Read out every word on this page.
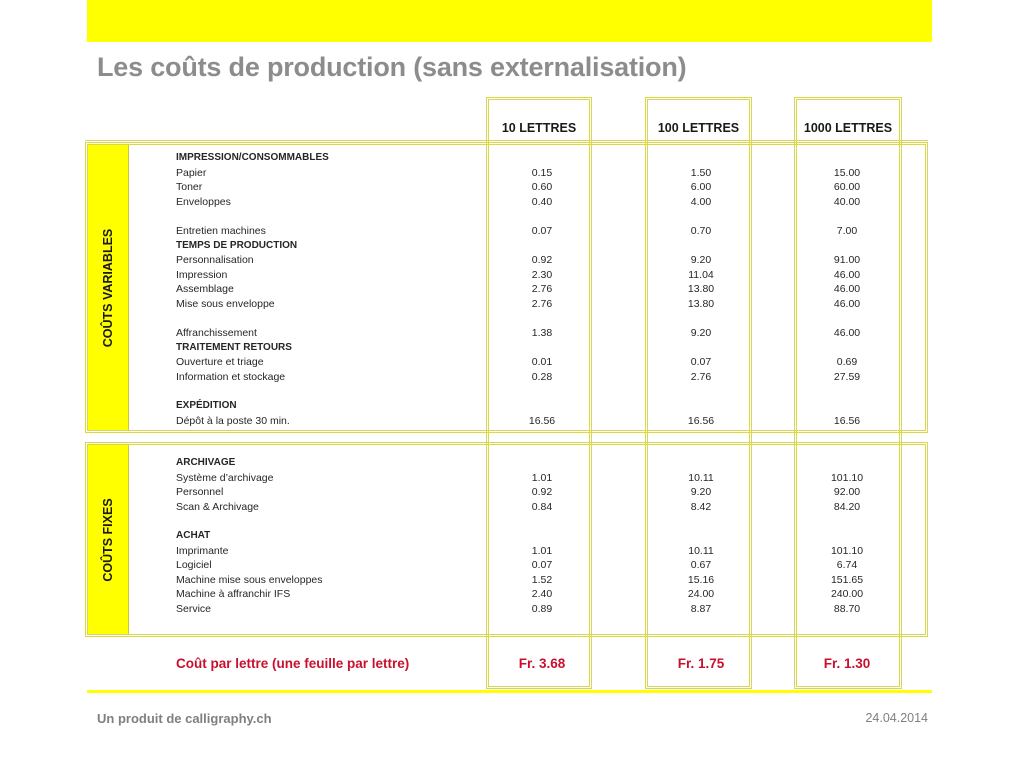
Les coûts de production (sans externalisation)
COÛTS VARIABLES
COÛTS FIXES
10 LETTRES	100 LETTRES	1000 LETTRES
IMPRESSION/CONSOMMABLES
Papier	0.15	1.50	15.00
Toner	0.60	6.00	60.00
Enveloppes	0.40	4.00	40.00
Entretien machines	0.07	0.70	7.00
TEMPS DE PRODUCTION
Personnalisation	0.92	9.20	91.00
Impression	2.30	11.04	46.00
Assemblage	2.76	13.80	46.00
Mise sous enveloppe	2.76	13.80	46.00
Affranchissement	1.38	9.20	46.00
TRAITEMENT RETOURS
Ouverture et triage	0.01	0.07	0.69
Information et stockage	0.28	2.76	27.59
EXPÉDITION
Dépôt à la poste 30 min.	16.56	16.56	16.56
ARCHIVAGE
Système d’archivage	1.01	10.11	101.10
Personnel	0.92	9.20	92.00
Scan & Archivage	0.84	8.42	84.20
ACHAT
Imprimante	1.01	10.11	101.10
Logiciel	0.07	0.67	6.74
Machine mise sous enveloppes	1.52	15.16	151.65
Machine à affranchir IFS	2.40	24.00	240.00
Service	0.89	8.87	88.70
Coût par lettre (une feuille par lettre)	Fr. 3.68	Fr. 1.75	Fr. 1.30
Un produit de calligraphy.ch	24.04.2014
